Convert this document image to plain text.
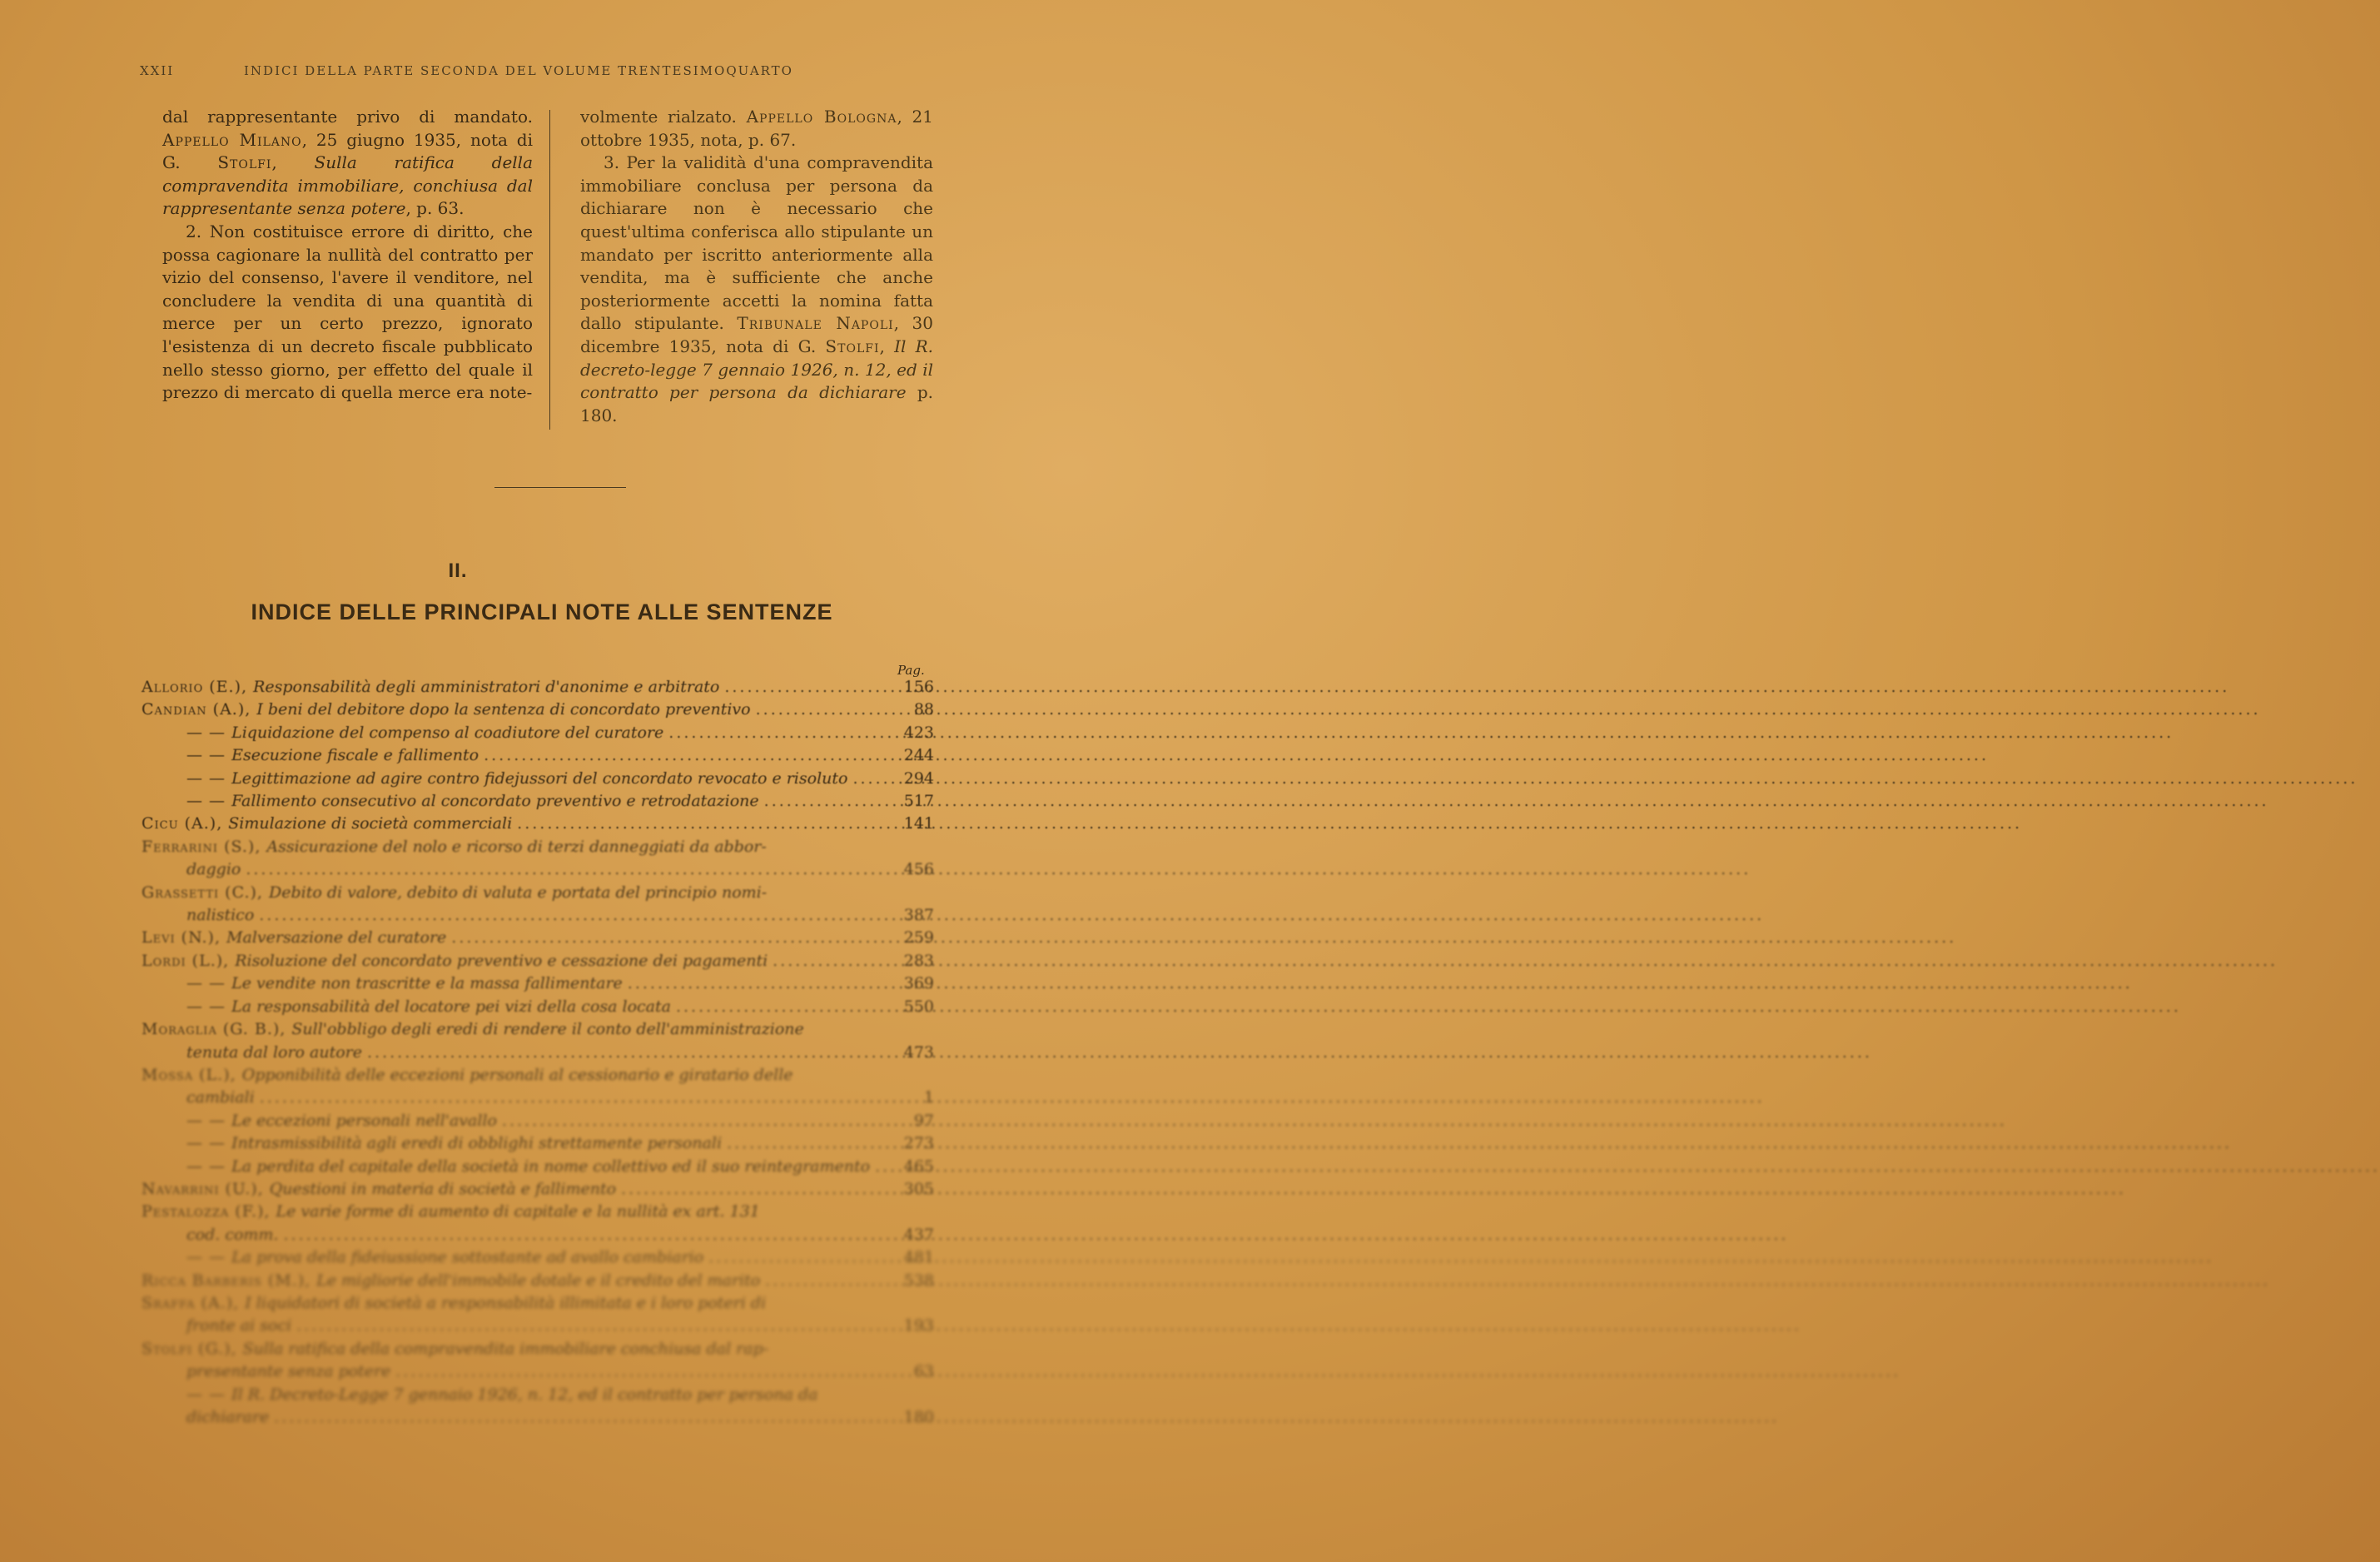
XXII	INDICI DELLA PARTE SECONDA DEL VOLUME TRENTESIMOQUARTO

dal rappresentante privo di mandato. Appello Milano, 25 giugno 1935, nota di G. Stolfi, Sulla ratifica della compravendita immobiliare, conchiusa dal rappresentante senza potere, p. 63.

2. Non costituisce errore di diritto, che possa cagionare la nullità del contratto per vizio del consenso, l'avere il venditore, nel concludere la vendita di una quantità di merce per un certo prezzo, ignorato l'esistenza di un decreto fiscale pubblicato nello stesso giorno, per effetto del quale il prezzo di mercato di quella merce era note-

volmente rialzato. Appello Bologna, 21 ottobre 1935, nota, p. 67.

3. Per la validità d'una compravendita immobiliare conclusa per persona da dichiarare non è necessario che quest'ultima conferisca allo stipulante un mandato per iscritto anteriormente alla vendita, ma è sufficiente che anche posteriormente accetti la nomina fatta dallo stipulante. Tribunale Napoli, 30 dicembre 1935, nota di G. Stolfi, Il R. decreto-legge 7 gennaio 1926, n. 12, ed il contratto per persona da dichiarare p. 180.

II.
INDICE DELLE PRINCIPALI NOTE ALLE SENTENZE
Pag.
Allorio (E.), Responsabilità degli amministratori d'anonime e arbitrato .....	156
Candian (A.), I beni del debitore dopo la sentenza di concordato preventivo .....	88
— — Liquidazione del compenso al coadiutore del curatore .....	423
— — Esecuzione fiscale e fallimento .....	244
— — Legittimazione ad agire contro fidejussori del concordato revocato e risoluto .....	294
— — Fallimento consecutivo al concordato preventivo e retrodatazione .....	517
Cicu (A.), Simulazione di società commerciali .....	141
Ferrarini (S.), Assicurazione del nolo e ricorso di terzi danneggiati da abbor-
daggio .....	456
Grassetti (C.), Debito di valore, debito di valuta e portata del principio nomi-
nalistico .....	387
Levi (N.), Malversazione del curatore .....	259
Lordi (L.), Risoluzione del concordato preventivo e cessazione dei pagamenti .....	283
— — Le vendite non trascritte e la massa fallimentare .....	369
— — La responsabilità del locatore pei vizi della cosa locata .....	550
Moraglia (G. B.), Sull'obbligo degli eredi di rendere il conto dell'amministrazione
tenuta dal loro autore .....	473
Mossa (L.), Opponibilità delle eccezioni personali al cessionario e giratario delle
cambiali .....	1
— — Le eccezioni personali nell'avallo .....	97
— — Intrasmissibilità agli eredi di obblighi strettamente personali .....	273
— — La perdita del capitale della società in nome collettivo ed il suo reintegramento .....	465
Navarrini (U.), Questioni in materia di società e fallimento .....	305
Pestalozza (F.), Le varie forme di aumento di capitale e la nullità ex art. 131
cod. comm. .....	437
— — La prova della fideiussione sottostante ad avallo cambiario .....	481
Ricca Barberis (M.), Le migliorie dell'immobile dotale e il credito del marito .....	538
Sraffa (A.), I liquidatori di società a responsabilità illimitata e i loro poteri di
fronte ai soci .....	193
Stolfi (G.), Sulla ratifica della compravendita immobiliare conchiusa dal rap-
presentante senza potere .....	63
— — Il R. Decreto-Legge 7 gennaio 1926, n. 12, ed il contratto per persona da
dichiarare .....	180
